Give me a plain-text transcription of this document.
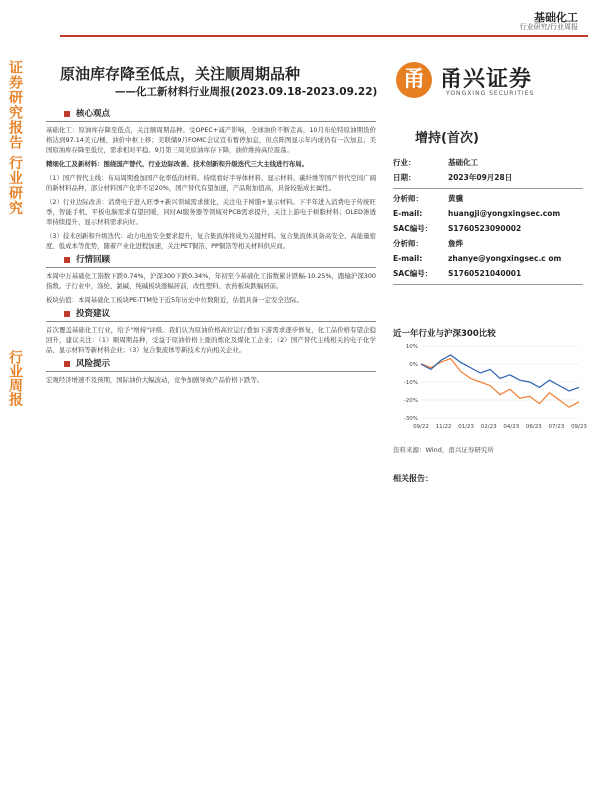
基础化工
行业研究/行业周报
证券研究报告 行业研究
行业周报
原油库存降至低点，关注顺周期品种
——化工新材料行业周报(2023.09.18-2023.09.22)	甬 甬兴证券
YONGXING SECURITIES
核心观点
基础化工：原油库存降至低点，关注顺周期品种。受OPEC+减产影响，全球油价不断走高，10月布伦特原油期货价格达到97.14美元/桶，油价中枢上移；美联储9月FOMC会议宣布暂停加息，但点阵图显示年内或仍有一次加息；美国原油库存降至低位，需求相对平稳。9月第三周美原油库存下降，油价维持高位震荡。
精细化工及新材料：围绕国产替代、行业边际改善、技术创新和升级迭代三大主线进行布局。
（1）国产替代主线：布局周期叠加国产化率低的材料。持续看好半导体材料、显示材料、碳纤维等国产替代空间广阔的新材料品种，部分材料国产化率不足20%，国产替代有望加速，产品附加值高，具备较强成长属性。
（2）行业边际改善：消费电子进入旺季+新兴领域需求催化，关注电子树脂+显示材料。下半年进入消费电子传统旺季，智能手机、平板电脑需求有望回暖，同时AI服务器等领域对PCB需求提升，关注上游电子树脂材料；OLED渗透率持续提升，显示材料需求向好。
（3）技术创新和升级迭代：动力电池安全要求提升，复合集流体将成为关键材料。复合集流体具备高安全、高能量密度、低成本等优势，随着产业化进程加速，关注PET铜箔、PP铜箔等相关材料供应商。
行情回顾
本周中万基础化工指数下跌0.74%，沪深300下跌0.34%，年初至今基础化工指数累计跌幅-10.25%，跑输沪深300指数。子行业中，涤纶、氯碱、纯碱板块涨幅居前，改性塑料、农药板块跌幅居前。
板块估值：本周基础化工板块PE-TTM处于近5年历史中位数附近，估值具备一定安全边际。
投资建议
首次覆盖基础化工行业，给予"增持"评级。我们认为原油价格高位运行叠加下游需求逐步修复，化工品价格有望企稳回升，建议关注：（1）顺周期品种，受益于原油价格上涨的炼化及煤化工企业；（2）国产替代主线相关的电子化学品、显示材料等新材料企业；（3）复合集流体等新技术方向相关企业。
风险提示
宏观经济增速不及预期，国际油价大幅波动，竞争加剧导致产品价格下跌等。
增持(首次)
行业：	基础化工
日期：	2023年09月28日
分析师：	黄骥
E-mail:	huangji@yongxingsec.com
SAC编号：	S1760523090002
分析师：	詹烨
E-mail:	zhanye@yongxingsec.c om
SAC编号：	S1760521040001
近一年行业与沪深300比较
10%
0%
-10%
-20%
-30%
09/22 11/22 01/23 02/23 04/23 06/23 07/23 09/23
资料来源：Wind，甬兴证券研究所
相关报告：
